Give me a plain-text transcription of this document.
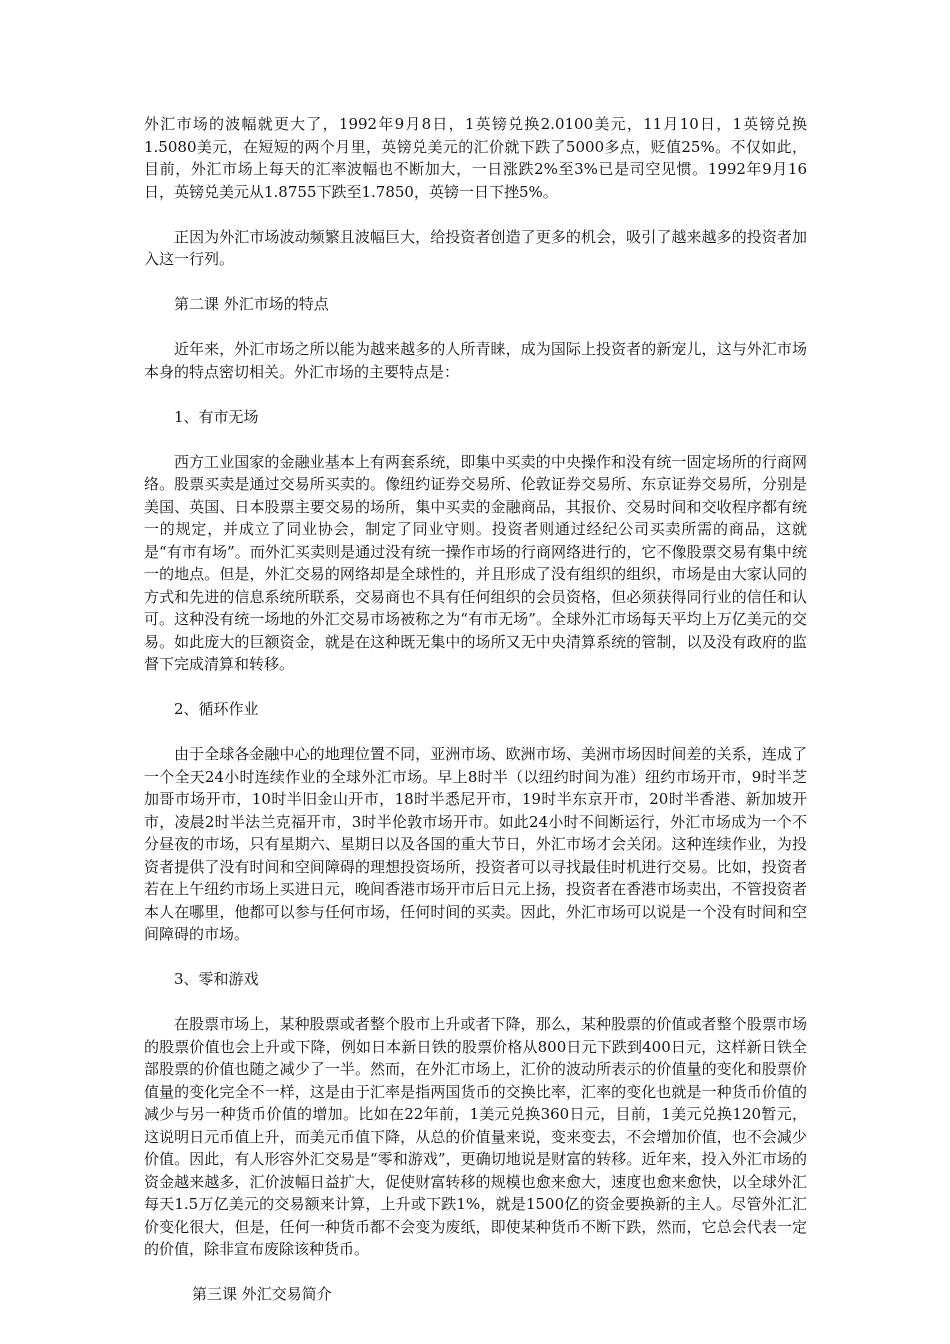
外汇市场的波幅就更大了，1992年9月8日，1英镑兑换2.0100美元，11月10日，1英镑兑换1.5080美元，在短短的两个月里，英镑兑美元的汇价就下跌了5000多点，贬值25%。不仅如此，目前，外汇市场上每天的汇率波幅也不断加大，一日涨跌2%至3%已是司空见惯。1992年9月16日，英镑兑美元从1.8755下跌至1.7850，英镑一日下挫5%。

正因为外汇市场波动频繁且波幅巨大，给投资者创造了更多的机会，吸引了越来越多的投资者加入这一行列。

第二课 外汇市场的特点

近年来，外汇市场之所以能为越来越多的人所青睐，成为国际上投资者的新宠儿，这与外汇市场本身的特点密切相关。外汇市场的主要特点是：

1、有市无场

西方工业国家的金融业基本上有两套系统，即集中买卖的中央操作和没有统一固定场所的行商网络。股票买卖是通过交易所买卖的。像纽约证券交易所、伦敦证券交易所、东京证券交易所，分别是美国、英国、日本股票主要交易的场所，集中买卖的金融商品，其报价、交易时间和交收程序都有统一的规定，并成立了同业协会，制定了同业守则。投资者则通过经纪公司买卖所需的商品，这就是“有市有场”。而外汇买卖则是通过没有统一操作市场的行商网络进行的，它不像股票交易有集中统一的地点。但是，外汇交易的网络却是全球性的，并且形成了没有组织的组织，市场是由大家认同的方式和先进的信息系统所联系，交易商也不具有任何组织的会员资格，但必须获得同行业的信任和认可。这种没有统一场地的外汇交易市场被称之为“有市无场”。全球外汇市场每天平均上万亿美元的交易。如此庞大的巨额资金，就是在这种既无集中的场所又无中央清算系统的管制，以及没有政府的监督下完成清算和转移。

2、循环作业

由于全球各金融中心的地理位置不同，亚洲市场、欧洲市场、美洲市场因时间差的关系，连成了一个全天24小时连续作业的全球外汇市场。早上8时半（以纽约时间为准）纽约市场开市，9时半芝加哥市场开市，10时半旧金山开市，18时半悉尼开市，19时半东京开市，20时半香港、新加坡开市，凌晨2时半法兰克福开市，3时半伦敦市场开市。如此24小时不间断运行，外汇市场成为一个不分昼夜的市场，只有星期六、星期日以及各国的重大节日，外汇市场才会关闭。这种连续作业，为投资者提供了没有时间和空间障碍的理想投资场所，投资者可以寻找最佳时机进行交易。比如，投资者若在上午纽约市场上买进日元，晚间香港市场开市后日元上扬，投资者在香港市场卖出，不管投资者本人在哪里，他都可以参与任何市场，任何时间的买卖。因此，外汇市场可以说是一个没有时间和空间障碍的市场。

3、零和游戏

在股票市场上，某种股票或者整个股市上升或者下降，那么，某种股票的价值或者整个股票市场的股票价值也会上升或下降，例如日本新日铁的股票价格从800日元下跌到400日元，这样新日铁全部股票的价值也随之减少了一半。然而，在外汇市场上，汇价的波动所表示的价值量的变化和股票价值量的变化完全不一样，这是由于汇率是指两国货币的交换比率，汇率的变化也就是一种货币价值的减少与另一种货币价值的增加。比如在22年前，1美元兑换360日元，目前，1美元兑换120暂元，这说明日元币值上升，而美元币值下降，从总的价值量来说，变来变去，不会增加价值，也不会减少价值。因此，有人形容外汇交易是“零和游戏”，更确切地说是财富的转移。近年来，投入外汇市场的资金越来越多，汇价波幅日益扩大，促使财富转移的规模也愈来愈大，速度也愈来愈快，以全球外汇每天1.5万亿美元的交易额来计算，上升或下跌1%，就是1500亿的资金要换新的主人。尽管外汇汇价变化很大，但是，任何一种货币都不会变为废纸，即使某种货币不断下跌，然而，它总会代表一定的价值，除非宣布废除该种货币。

第三课 外汇交易简介
